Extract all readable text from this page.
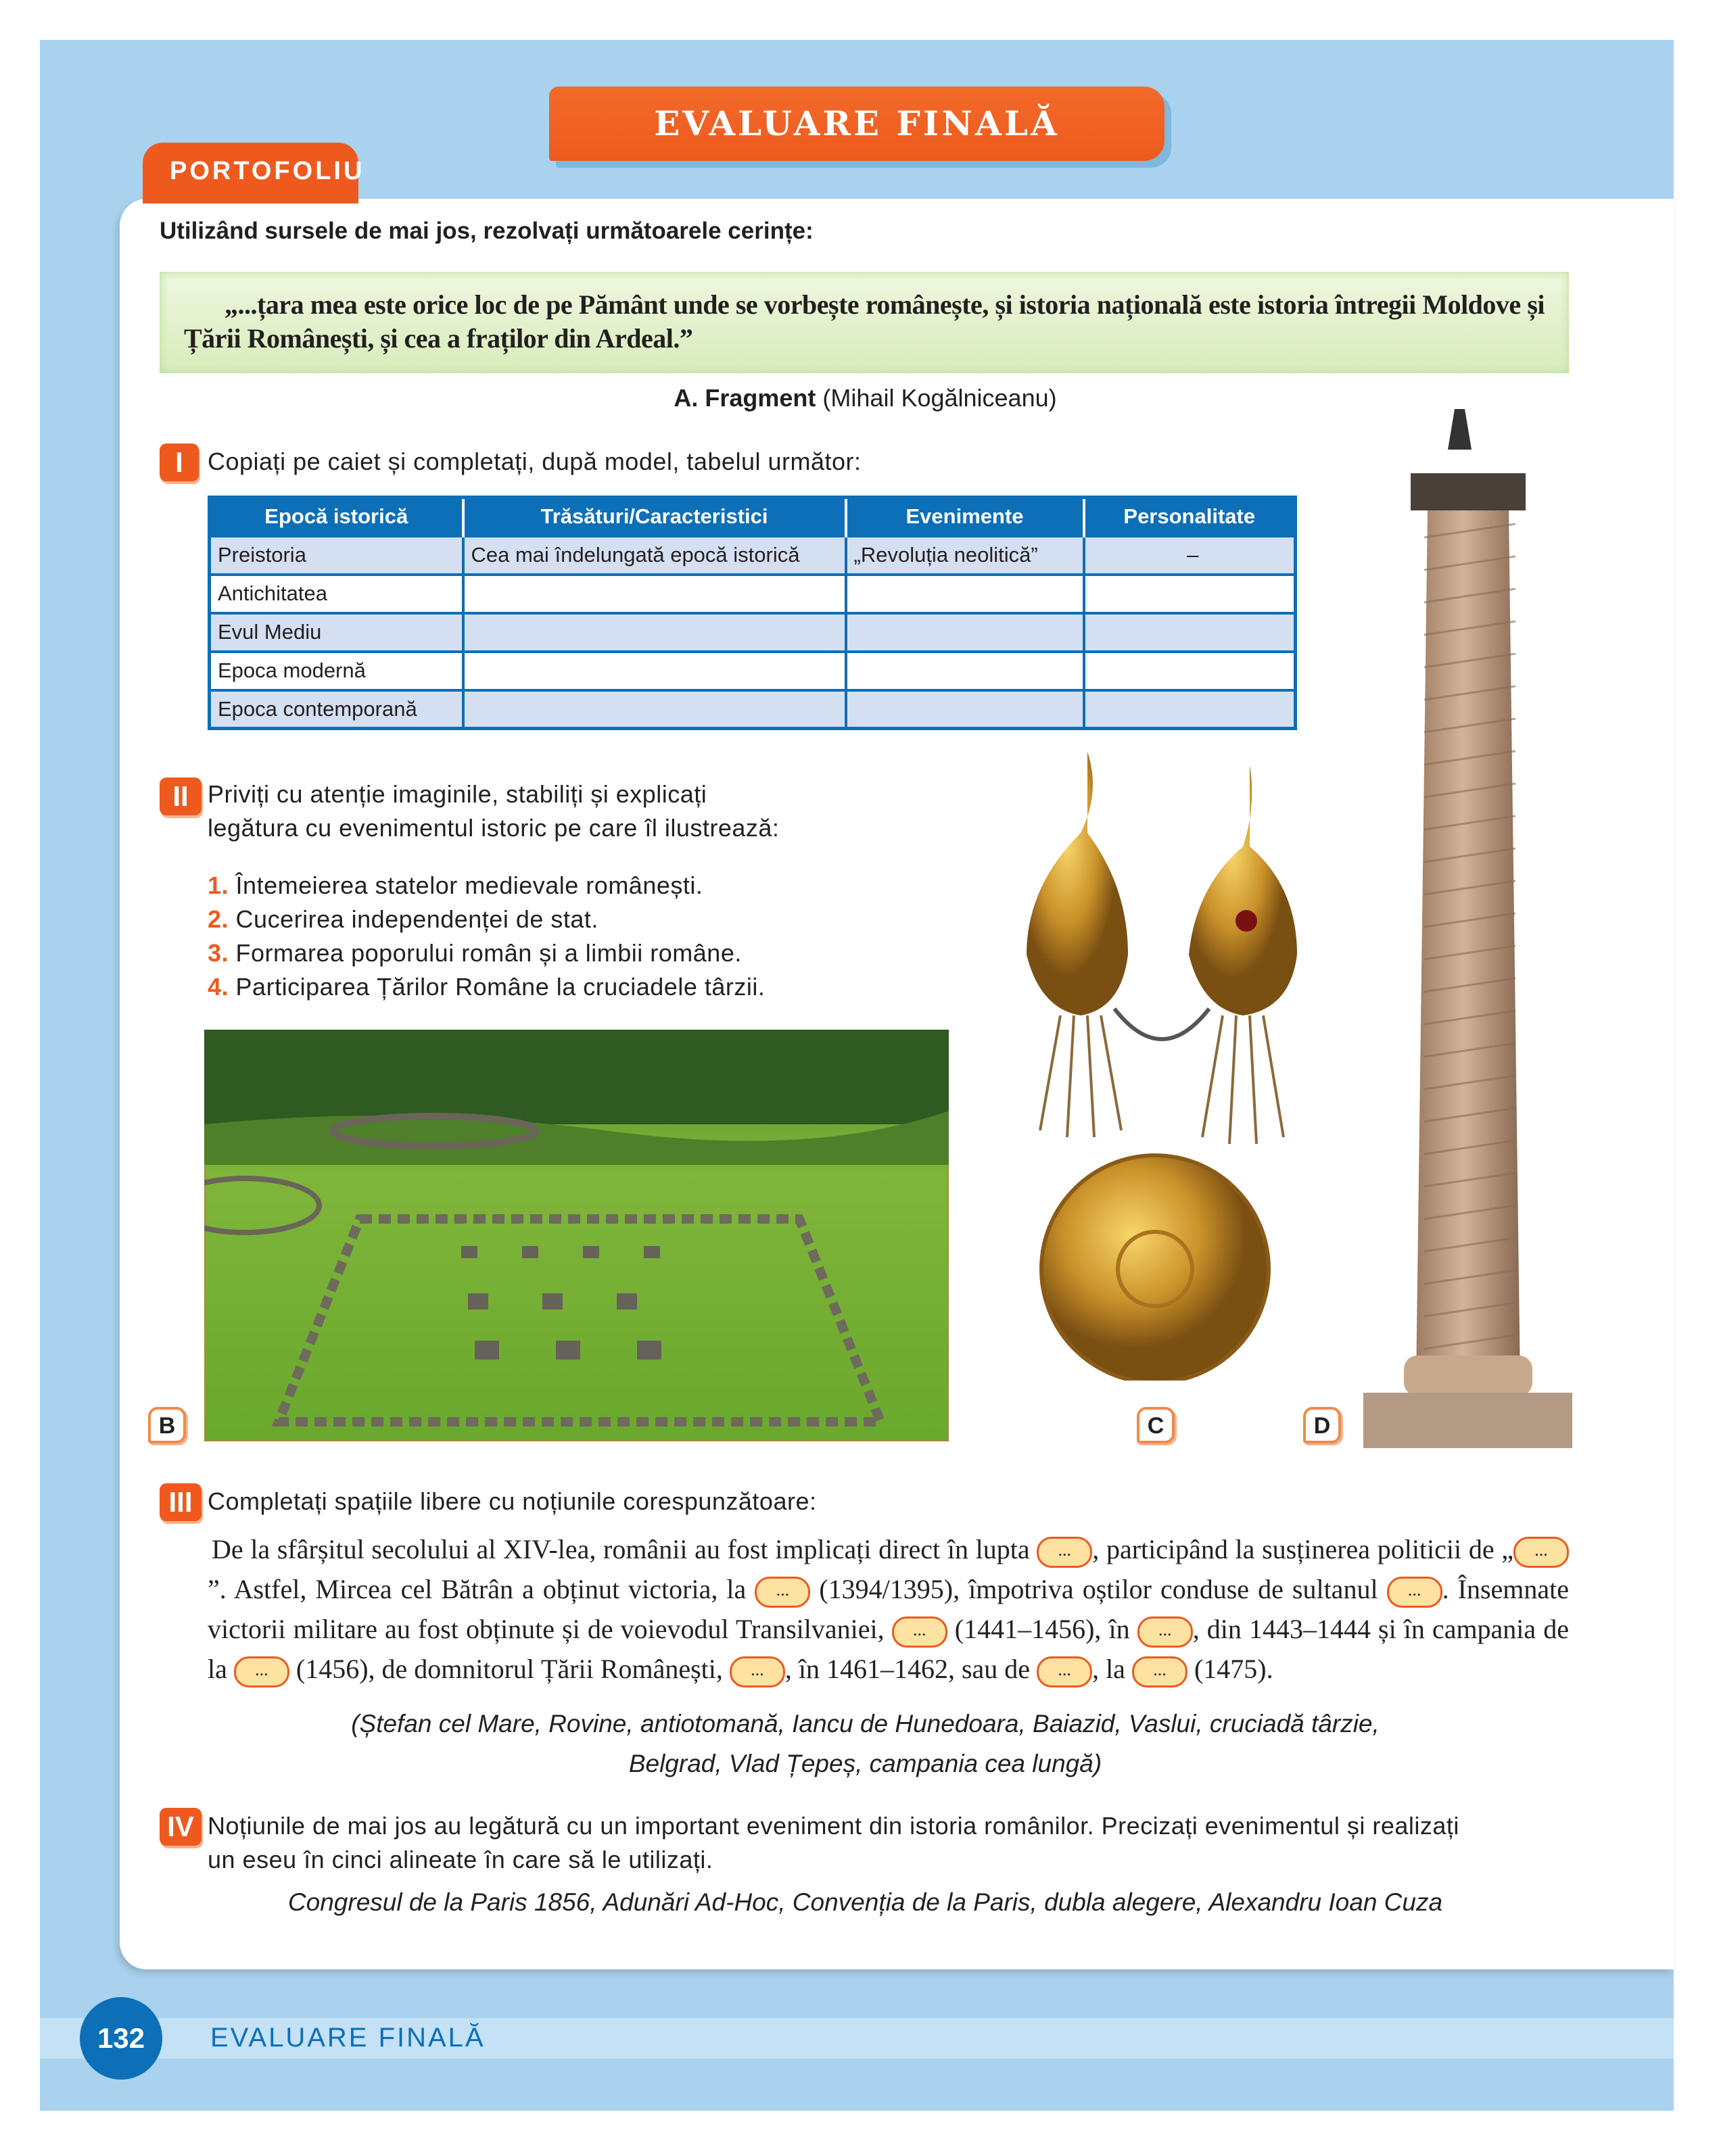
EVALUARE FINALĂ
PORTOFOLIU
Utilizând sursele de mai jos, rezolvați următoarele cerințe:
„...țara mea este orice loc de pe Pământ unde se vorbește românește, și istoria națională este istoria întregii Moldove și Țării Românești, și cea a fraților din Ardeal.”
A. Fragment (Mihail Kogălniceanu)
I	Copiați pe caiet și completați, după model, tabelul următor:
Epocă istorică	Trăsături/Caracteristici	Evenimente	Personalitate
Preistoria	Cea mai îndelungată epocă istorică	„Revoluția neolitică”	–
Antichitatea			
Evul Mediu			
Epoca modernă			
Epoca contemporană			
II Priviți cu atenție imaginile, stabiliți și explicați
legătura cu evenimentul istoric pe care îl ilustrează:
1. Întemeierea statelor medievale românești.
2. Cucerirea independenței de stat.
3. Formarea poporului român și a limbii române.
4. Participarea Țărilor Române la cruciadele târzii.
B	C	D
III Completați spațiile libere cu noțiunile corespunzătoare:
De la sfârșitul secolului al XIV-lea, românii au fost implicați direct în lupta ... , participând la susținerea politicii de „ ...”. Astfel, Mircea cel Bătrân a obținut victoria, la ... (1394/1395), împotriva oștilor conduse de sultanul ... . Însemnate victorii militare au fost obținute și de voievodul Transilvaniei, ... (1441–1456), în ... , din 1443–1444 și în campania de la ... (1456), de domnitorul Țării Românești, ... , în 1461–1462, sau de ... , la ... (1475).
(Ștefan cel Mare, Rovine, antiotomană, Iancu de Hunedoara, Baiazid, Vaslui, cruciadă târzie,
Belgrad, Vlad Țepeș, campania cea lungă)
IV Noțiunile de mai jos au legătură cu un important eveniment din istoria românilor. Precizați evenimentul și realizați
un eseu în cinci alineate în care să le utilizați.
Congresul de la Paris 1856, Adunări Ad-Hoc, Convenția de la Paris, dubla alegere, Alexandru Ioan Cuza
132	EVALUARE FINALĂ
